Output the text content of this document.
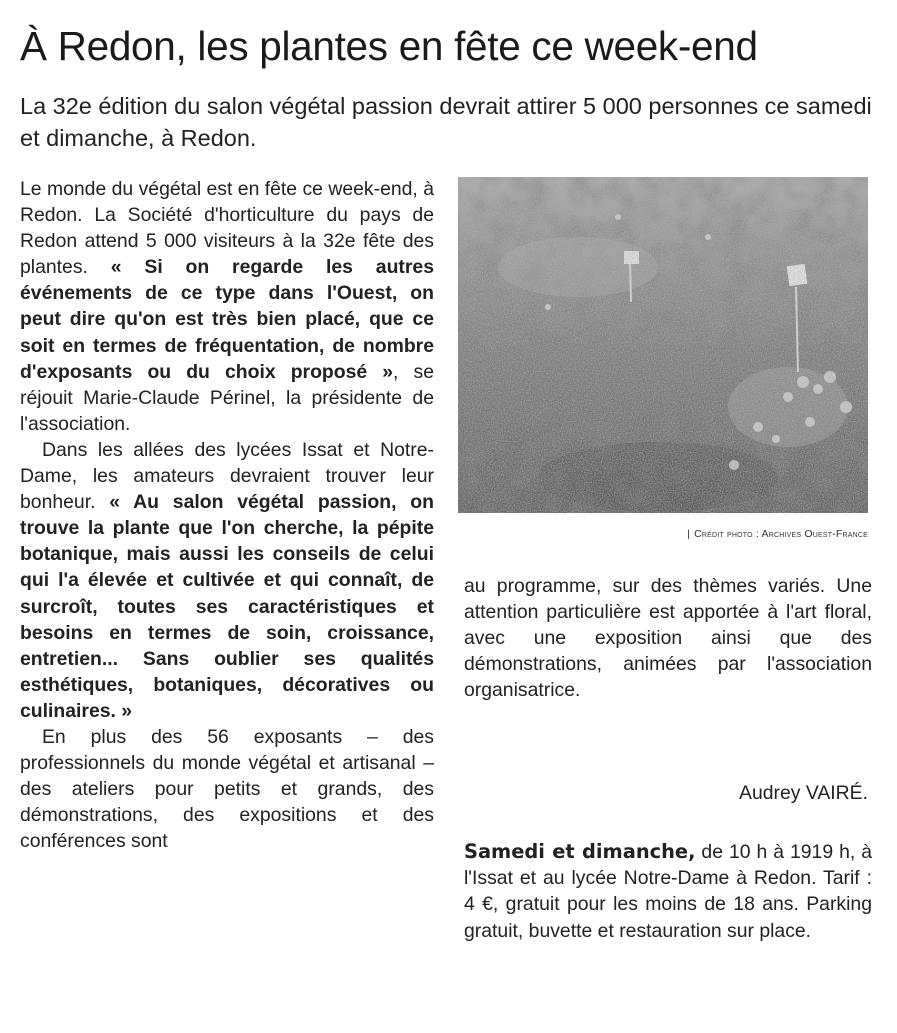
À Redon, les plantes en fête ce week-end

La 32e édition du salon végétal passion devrait attirer 5 000 personnes ce samedi et dimanche, à Redon.

Le monde du végétal est en fête ce week-end, à Redon. La Société d'horticulture du pays de Redon attend 5 000 visiteurs à la 32e fête des plantes. « Si on regarde les autres événements de ce type dans l'Ouest, on peut dire qu'on est très bien placé, que ce soit en termes de fréquentation, de nombre d'exposants ou du choix proposé », se réjouit Marie-Claude Périnel, la présidente de l'association.

Dans les allées des lycées Issat et Notre-Dame, les amateurs devraient trouver leur bonheur. « Au salon végétal passion, on trouve la plante que l'on cherche, la pépite botanique, mais aussi les conseils de celui qui l'a élevée et cultivée et qui connaît, de surcroît, toutes ses caractéristiques et besoins en termes de soin, croissance, entretien... Sans oublier ses qualités esthétiques, botaniques, décoratives ou culinaires. »

En plus des 56 exposants – des professionnels du monde végétal et artisanal – des ateliers pour petits et grands, des démonstrations, des expositions et des conférences sont

| Crédit photo : Archives Ouest-France

au programme, sur des thèmes variés. Une attention particulière est apportée à l'art floral, avec une exposition ainsi que des démonstrations, animées par l'association organisatrice.

Audrey VAIRÉ.

Samedi et dimanche, de 10 h à 1919 h, à l'Issat et au lycée Notre-Dame à Redon. Tarif : 4 €, gratuit pour les moins de 18 ans. Parking gratuit, buvette et restauration sur place.
